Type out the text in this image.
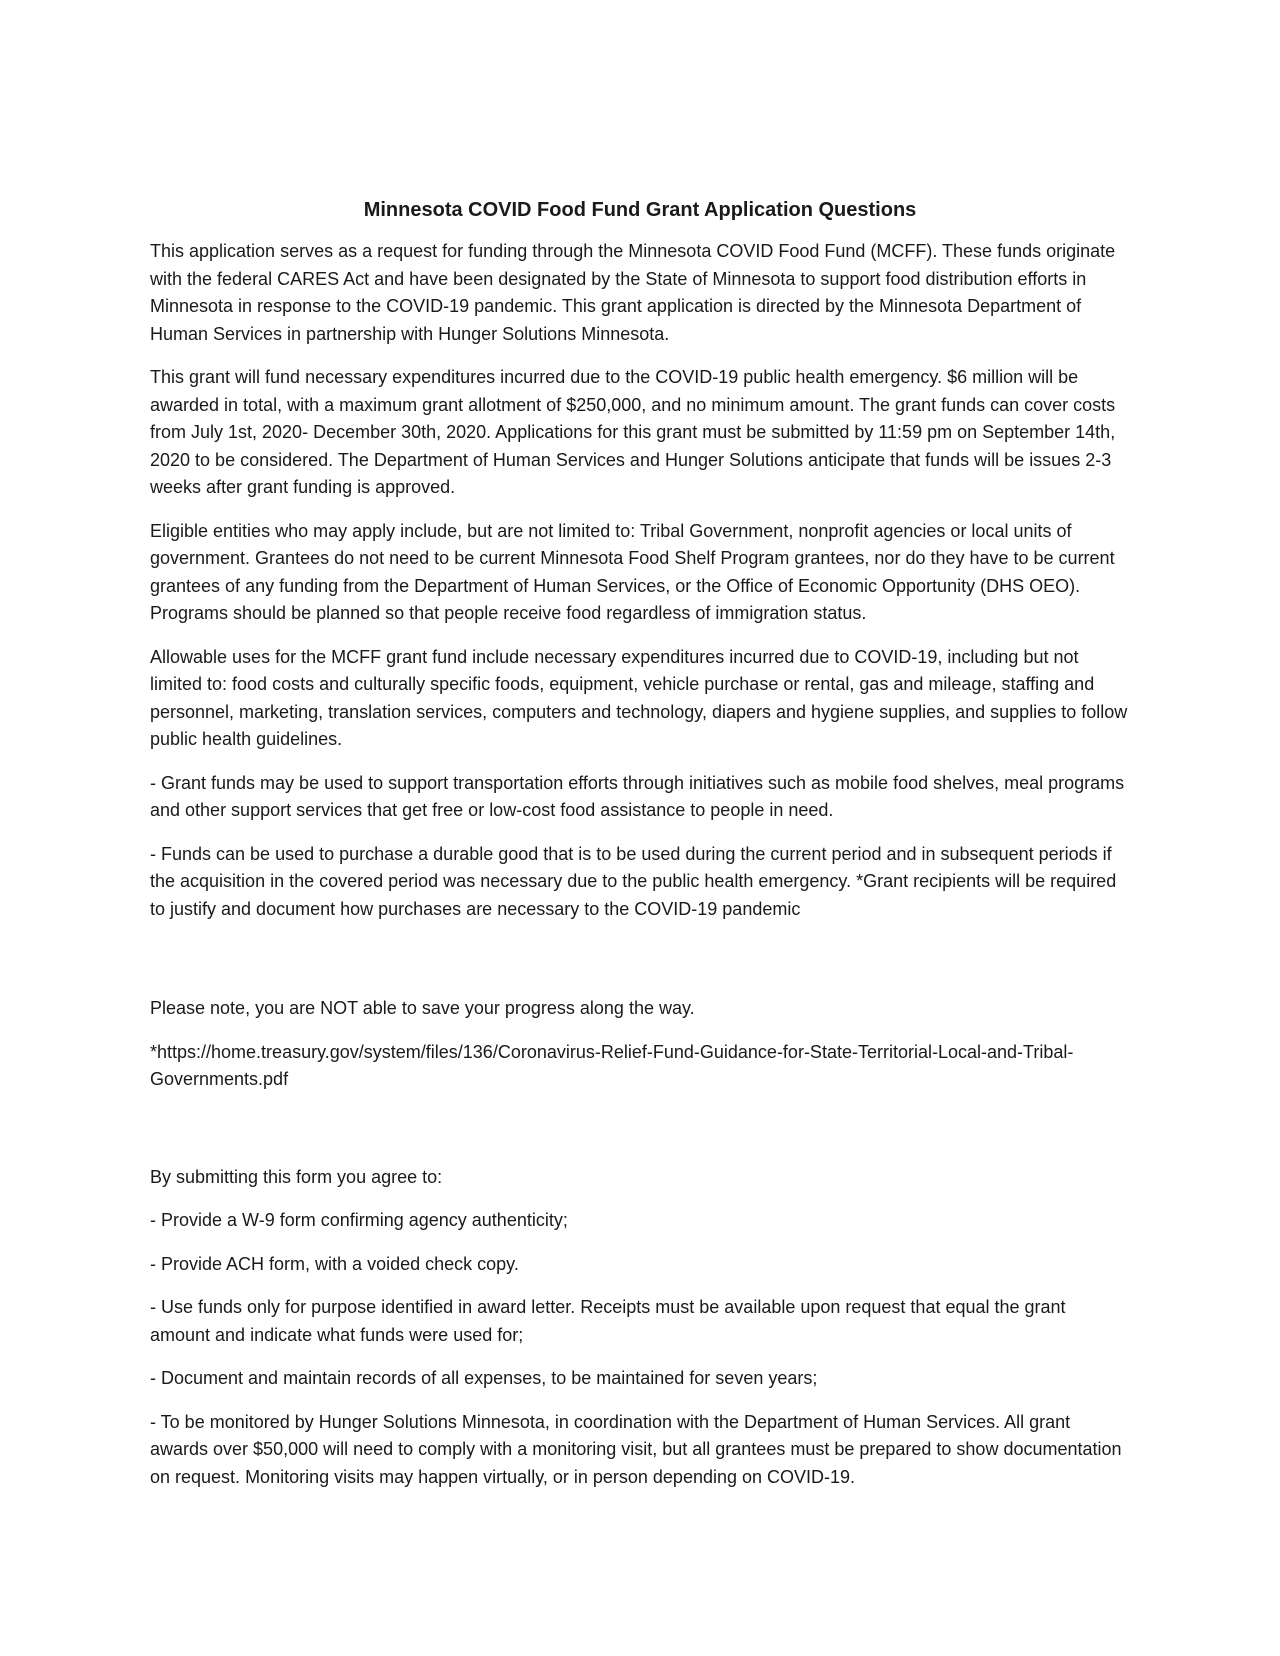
Minnesota COVID Food Fund Grant Application Questions

This application serves as a request for funding through the Minnesota COVID Food Fund (MCFF). These funds originate with the federal CARES Act and have been designated by the State of Minnesota to support food distribution efforts in Minnesota in response to the COVID-19 pandemic. This grant application is directed by the Minnesota Department of Human Services in partnership with Hunger Solutions Minnesota.

This grant will fund necessary expenditures incurred due to the COVID-19 public health emergency. $6 million will be awarded in total, with a maximum grant allotment of $250,000, and no minimum amount. The grant funds can cover costs from July 1st, 2020- December 30th, 2020. Applications for this grant must be submitted by 11:59 pm on September 14th, 2020 to be considered. The Department of Human Services and Hunger Solutions anticipate that funds will be issues 2-3 weeks after grant funding is approved.

Eligible entities who may apply include, but are not limited to: Tribal Government, nonprofit agencies or local units of government. Grantees do not need to be current Minnesota Food Shelf Program grantees, nor do they have to be current grantees of any funding from the Department of Human Services, or the Office of Economic Opportunity (DHS OEO). Programs should be planned so that people receive food regardless of immigration status.

Allowable uses for the MCFF grant fund include necessary expenditures incurred due to COVID-19, including but not limited to: food costs and culturally specific foods, equipment, vehicle purchase or rental, gas and mileage, staffing and personnel, marketing, translation services, computers and technology, diapers and hygiene supplies, and supplies to follow public health guidelines.

- Grant funds may be used to support transportation efforts through initiatives such as mobile food shelves, meal programs and other support services that get free or low-cost food assistance to people in need.

- Funds can be used to purchase a durable good that is to be used during the current period and in subsequent periods if the acquisition in the covered period was necessary due to the public health emergency. *Grant recipients will be required to justify and document how purchases are necessary to the COVID-19 pandemic

Please note, you are NOT able to save your progress along the way.

*https://home.treasury.gov/system/files/136/Coronavirus-Relief-Fund-Guidance-for-State-Territorial-Local-and-Tribal-Governments.pdf

By submitting this form you agree to:

- Provide a W-9 form confirming agency authenticity;

- Provide ACH form, with a voided check copy.

- Use funds only for purpose identified in award letter. Receipts must be available upon request that equal the grant amount and indicate what funds were used for;

- Document and maintain records of all expenses, to be maintained for seven years;

- To be monitored by Hunger Solutions Minnesota, in coordination with the Department of Human Services. All grant awards over $50,000 will need to comply with a monitoring visit, but all grantees must be prepared to show documentation on request. Monitoring visits may happen virtually, or in person depending on COVID-19.
